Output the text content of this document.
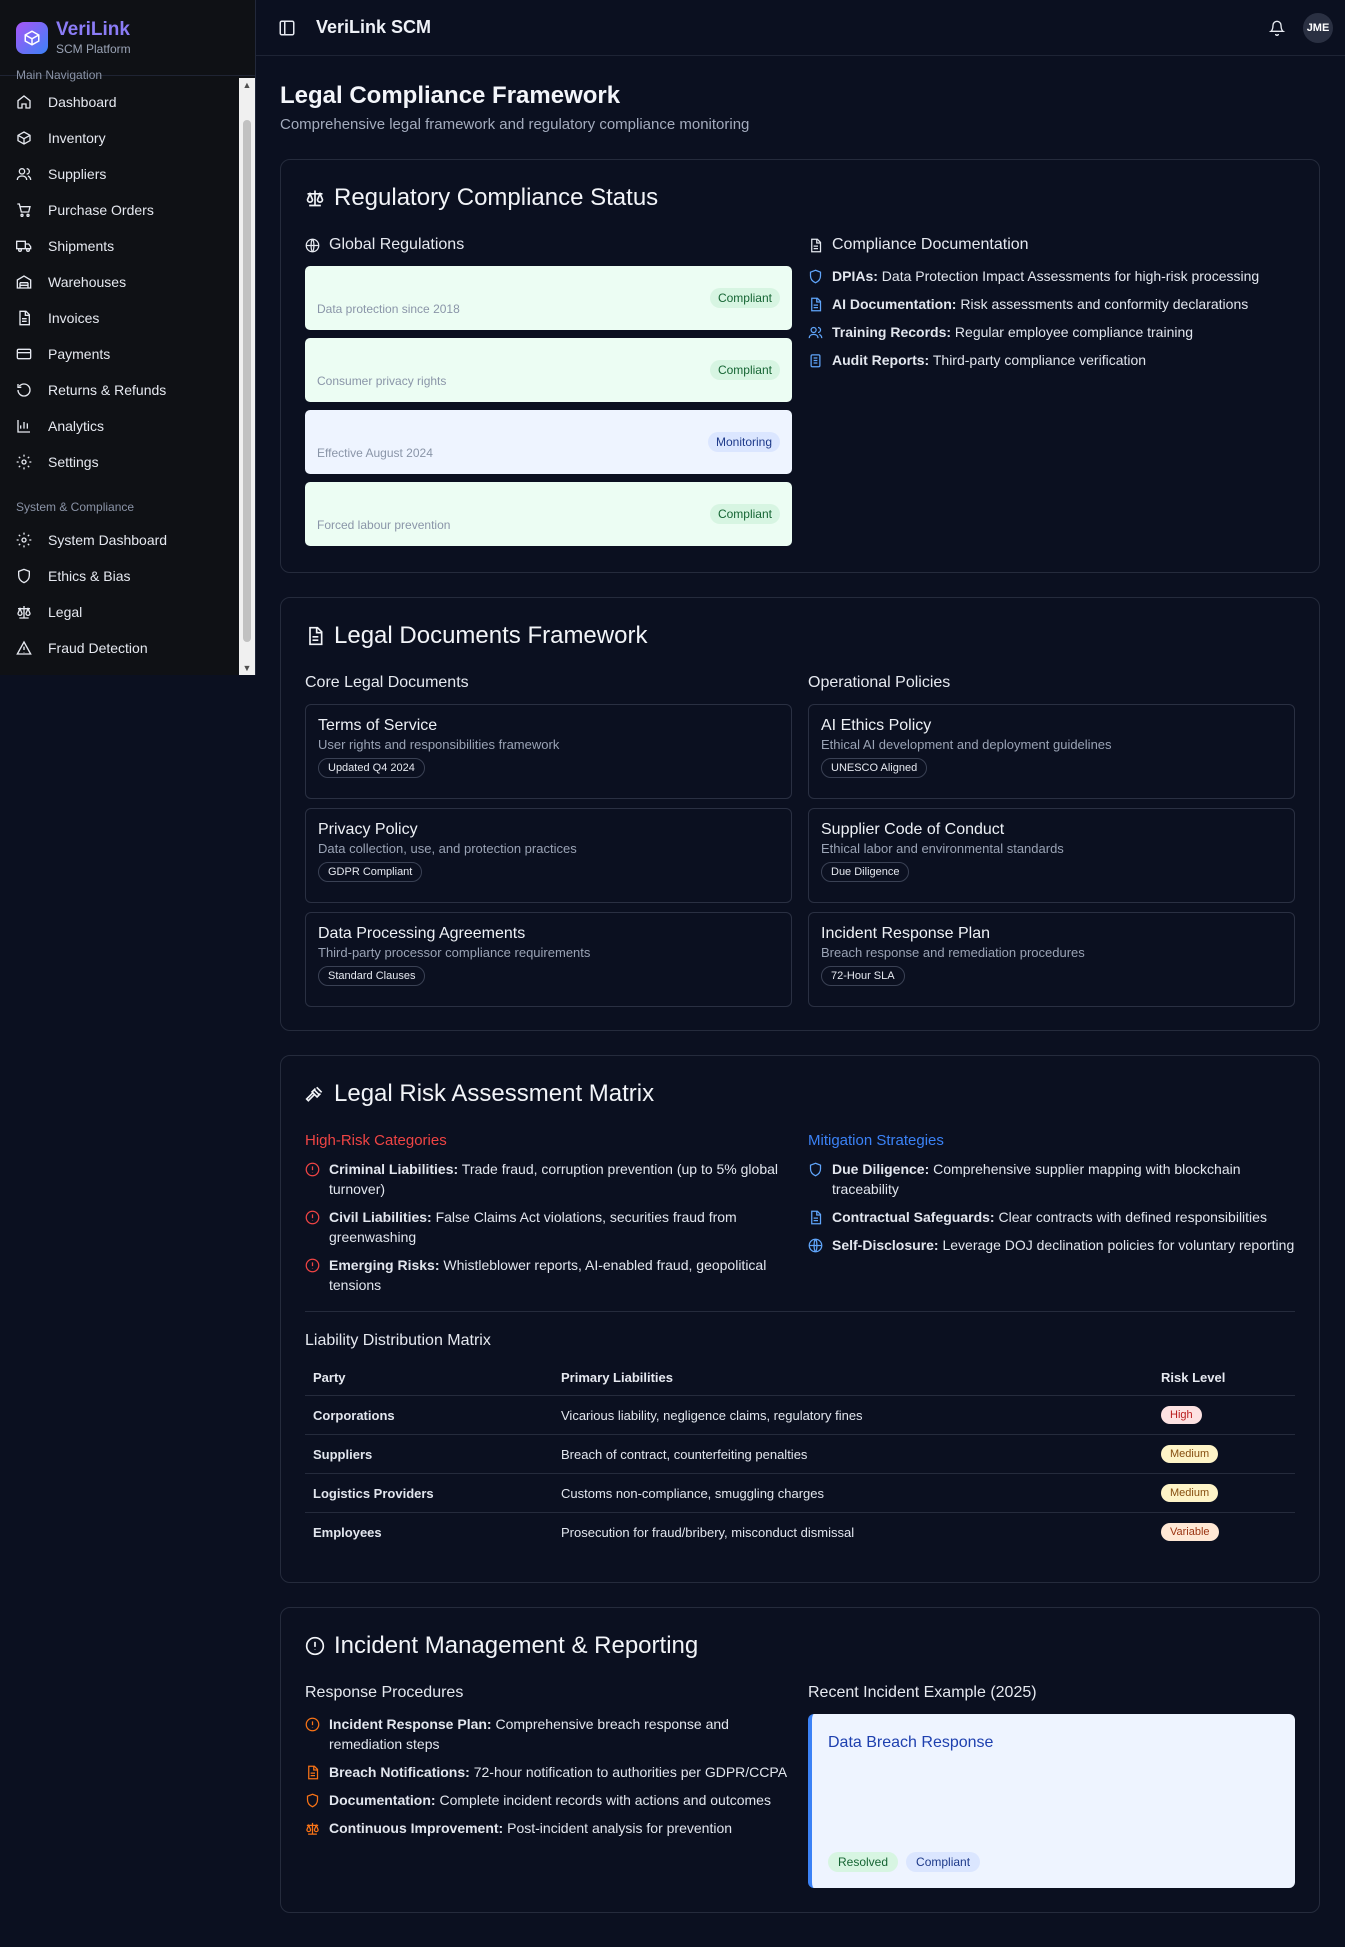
VeriLink
SCM Platform
Main Navigation
Dashboard
Inventory
Suppliers
Purchase Orders
Shipments
Warehouses
Invoices
Payments
Returns & Refunds
Analytics
Settings
System & Compliance
System Dashboard
Ethics & Bias
Legal
Fraud Detection
▲
▼
VeriLink SCM	JME
Legal Compliance Framework
Comprehensive legal framework and regulatory compliance monitoring
Regulatory Compliance Status
Global Regulations
Data protection since 2018
Compliant
Consumer privacy rights
Compliant
Effective August 2024
Monitoring
Forced labour prevention
Compliant
Compliance Documentation
DPIAs: Data Protection Impact Assessments for high-risk processing
AI Documentation: Risk assessments and conformity declarations
Training Records: Regular employee compliance training
Audit Reports: Third-party compliance verification
Legal Documents Framework
Core Legal Documents
Terms of Service
User rights and responsibilities framework
Updated Q4 2024
Privacy Policy
Data collection, use, and protection practices
GDPR Compliant
Data Processing Agreements
Third-party processor compliance requirements
Standard Clauses
Operational Policies
AI Ethics Policy
Ethical AI development and deployment guidelines
UNESCO Aligned
Supplier Code of Conduct
Ethical labor and environmental standards
Due Diligence
Incident Response Plan
Breach response and remediation procedures
72-Hour SLA
Legal Risk Assessment Matrix
High-Risk Categories
Criminal Liabilities: Trade fraud, corruption prevention (up to 5% global turnover)
Civil Liabilities: False Claims Act violations, securities fraud from greenwashing
Emerging Risks: Whistleblower reports, AI-enabled fraud, geopolitical tensions
Mitigation Strategies
Due Diligence: Comprehensive supplier mapping with blockchain traceability
Contractual Safeguards: Clear contracts with defined responsibilities
Self-Disclosure: Leverage DOJ declination policies for voluntary reporting
Liability Distribution Matrix
Party	Primary Liabilities	Risk Level
Corporations	Vicarious liability, negligence claims, regulatory fines	High
Suppliers	Breach of contract, counterfeiting penalties	Medium
Logistics Providers	Customs non-compliance, smuggling charges	Medium
Employees	Prosecution for fraud/bribery, misconduct dismissal	Variable
Incident Management & Reporting
Response Procedures
Incident Response Plan: Comprehensive breach response and remediation steps
Breach Notifications: 72-hour notification to authorities per GDPR/CCPA
Documentation: Complete incident records with actions and outcomes
Continuous Improvement: Post-incident analysis for prevention
Recent Incident Example (2025)
Data Breach Response
Resolved	Compliant
